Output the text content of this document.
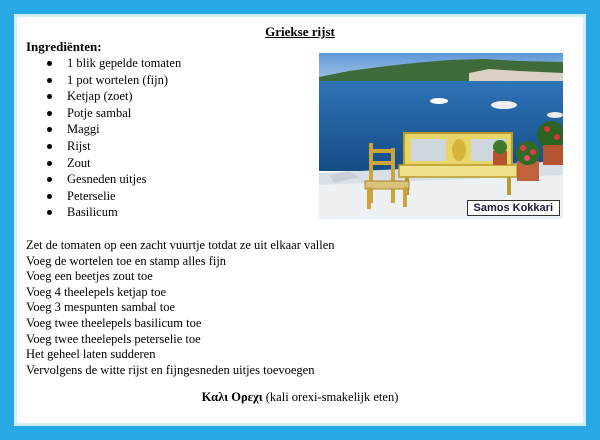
Griekse rijst
Ingrediënten:
1 blik gepelde tomaten
1 pot wortelen (fijn)
Ketjap (zoet)
Potje sambal
Maggi
Rijst
Zout
Gesneden uitjes
Peterselie
Basilicum	Samos Kokkari
Zet de tomaten op een zacht vuurtje totdat ze uit elkaar vallen
Voeg de wortelen toe en stamp alles fijn
Voeg een beetjes zout toe
Voeg 4 theelepels ketjap toe
Voeg 3 mespunten sambal toe
Voeg twee theelepels basilicum toe
Voeg twee theelepels peterselie toe
Het geheel laten sudderen
Vervolgens de witte rijst en fijngesneden uitjes toevoegen
Καλι Ορεχι (kali orexi-smakelijk eten)
